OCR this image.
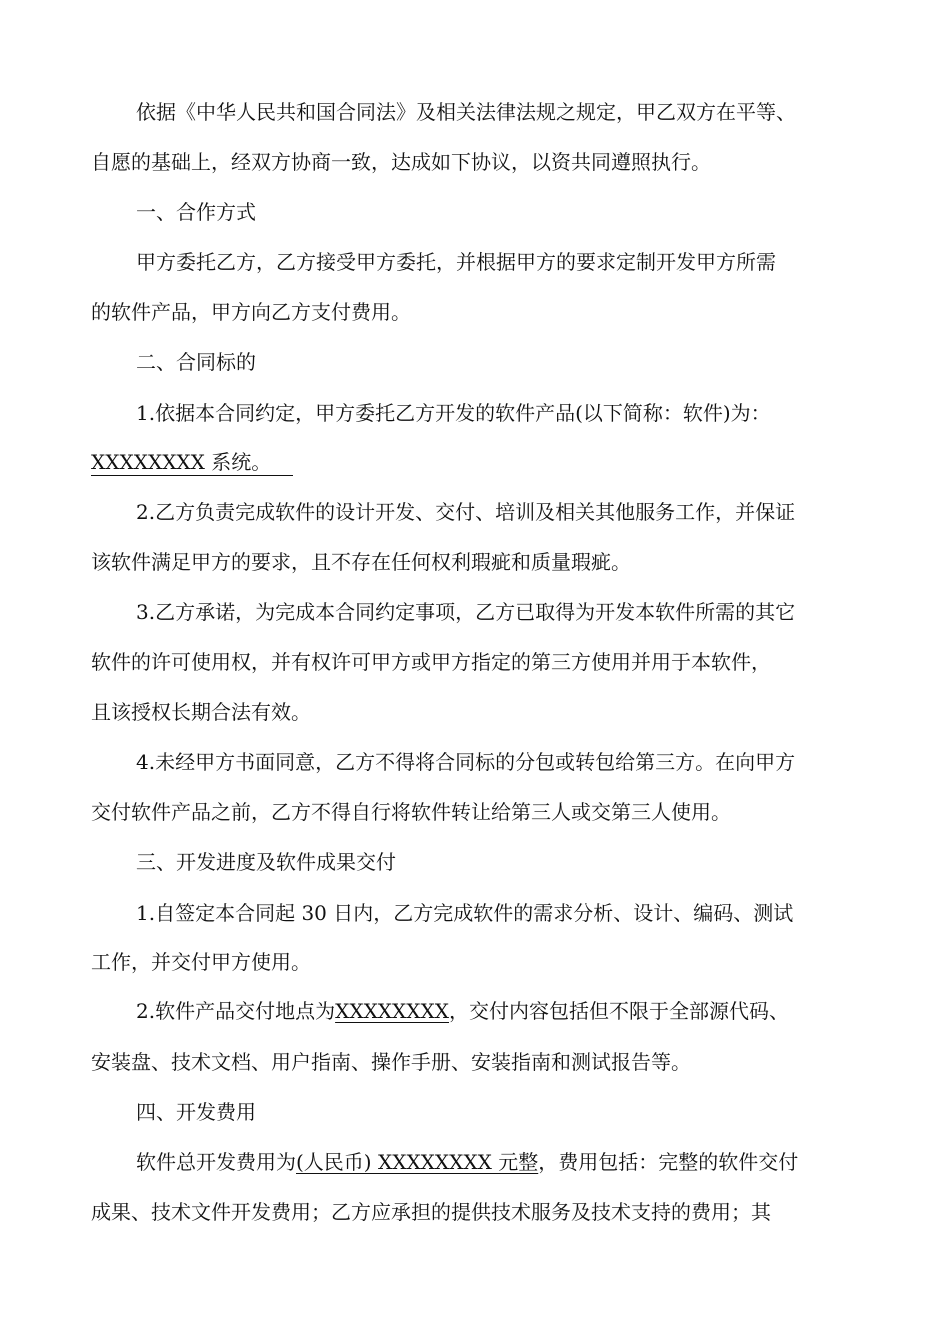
依据《中华人民共和国合同法》及相关法律法规之规定，甲乙双方在平等、
自愿的基础上，经双方协商一致，达成如下协议，以资共同遵照执行。
一、合作方式
甲方委托乙方，乙方接受甲方委托，并根据甲方的要求定制开发甲方所需
的软件产品，甲方向乙方支付费用。
二、合同标的
1.依据本合同约定，甲方委托乙方开发的软件产品(以下简称：软件)为：
XXXXXXXX 系统。
2.乙方负责完成软件的设计开发、交付、培训及相关其他服务工作，并保证
该软件满足甲方的要求，且不存在任何权利瑕疵和质量瑕疵。
3.乙方承诺，为完成本合同约定事项，乙方已取得为开发本软件所需的其它
软件的许可使用权，并有权许可甲方或甲方指定的第三方使用并用于本软件，
且该授权长期合法有效。
4.未经甲方书面同意，乙方不得将合同标的分包或转包给第三方。在向甲方
交付软件产品之前，乙方不得自行将软件转让给第三人或交第三人使用。
三、开发进度及软件成果交付
1.自签定本合同起 30 日内，乙方完成软件的需求分析、设计、编码、测试
工作，并交付甲方使用。
2.软件产品交付地点为XXXXXXXX，交付内容包括但不限于全部源代码、
安装盘、技术文档、用户指南、操作手册、安装指南和测试报告等。
四、开发费用
软件总开发费用为(人民币) XXXXXXXX 元整，费用包括：完整的软件交付
成果、技术文件开发费用；乙方应承担的提供技术服务及技术支持的费用；其
